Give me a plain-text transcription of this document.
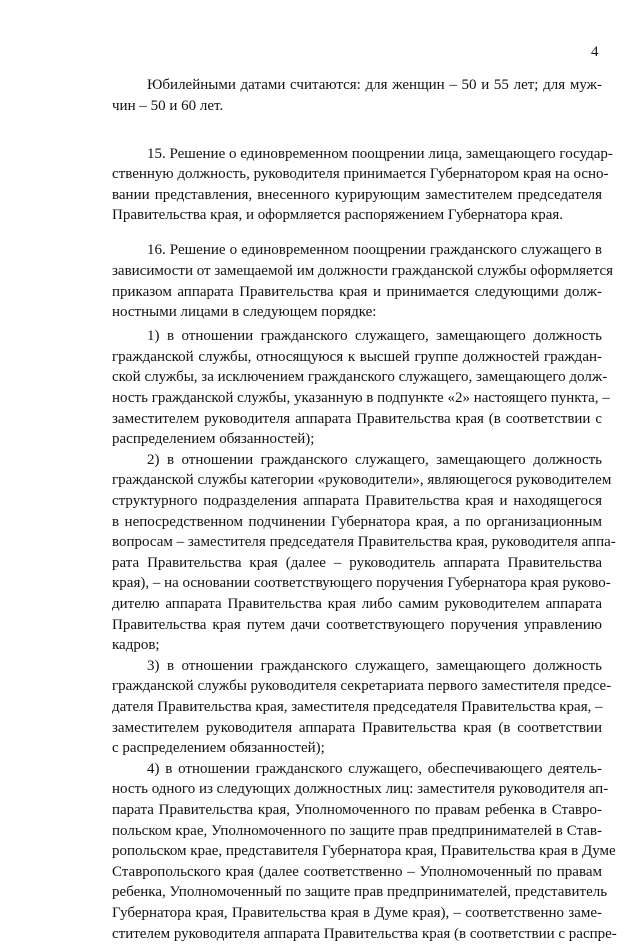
4
Юбилейными датами считаются: для женщин – 50 и 55 лет; для муж-
чин – 50 и 60 лет.
15. Решение о единовременном поощрении лица, замещающего государ-
ственную должность, руководителя принимается Губернатором края на осно-
вании представления, внесенного курирующим заместителем председателя
Правительства края, и оформляется распоряжением Губернатора края.
16. Решение о единовременном поощрении гражданского служащего в
зависимости от замещаемой им должности гражданской службы оформляется
приказом аппарата Правительства края и принимается следующими долж-
ностными лицами в следующем порядке:
1) в отношении гражданского служащего, замещающего должность
гражданской службы, относящуюся к высшей группе должностей граждан-
ской службы, за исключением гражданского служащего, замещающего долж-
ность гражданской службы, указанную в подпункте «2» настоящего пункта, –
заместителем руководителя аппарата Правительства края (в соответствии с
распределением обязанностей);
2) в отношении гражданского служащего, замещающего должность
гражданской службы категории «руководители», являющегося руководителем
структурного подразделения аппарата Правительства края и находящегося
в непосредственном подчинении Губернатора края, а по организационным
вопросам – заместителя председателя Правительства края, руководителя аппа-
рата Правительства края (далее – руководитель аппарата Правительства
края), – на основании соответствующего поручения Губернатора края руково-
дителю аппарата Правительства края либо самим руководителем аппарата
Правительства края путем дачи соответствующего поручения управлению
кадров;
3) в отношении гражданского служащего, замещающего должность
гражданской службы руководителя секретариата первого заместителя предсе-
дателя Правительства края, заместителя председателя Правительства края, –
заместителем руководителя аппарата Правительства края (в соответствии
с распределением обязанностей);
4) в отношении гражданского служащего, обеспечивающего деятель-
ность одного из следующих должностных лиц: заместителя руководителя ап-
парата Правительства края, Уполномоченного по правам ребенка в Ставро-
польском крае, Уполномоченного по защите прав предпринимателей в Став-
ропольском крае, представителя Губернатора края, Правительства края в Думе
Ставропольского края (далее соответственно – Уполномоченный по правам
ребенка, Уполномоченный по защите прав предпринимателей, представитель
Губернатора края, Правительства края в Думе края), – соответственно заме-
стителем руководителя аппарата Правительства края (в соответствии с распре-
